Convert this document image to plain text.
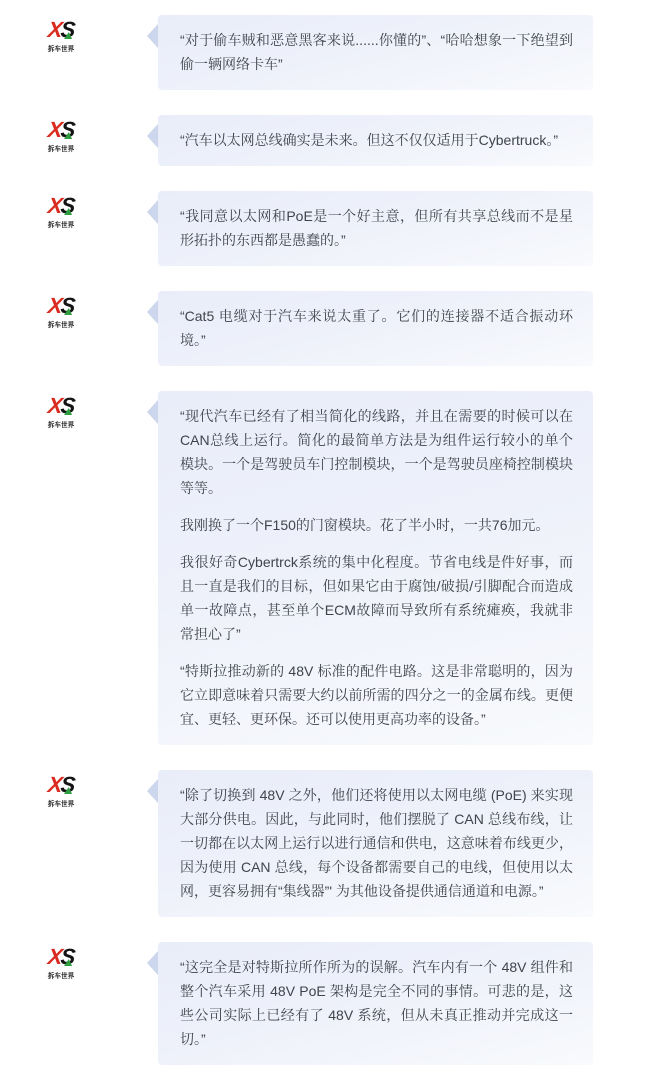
X
S
拆车世界

“对于偷车贼和恶意黑客来说......你懂的”、“哈哈想象一下绝望到偷一辆网络卡车”

X
S
拆车世界

“汽车以太网总线确实是未来。但这不仅仅适用于Cybertruck。”

X
S
拆车世界

“我同意以太网和PoE是一个好主意，但所有共享总线而不是星形拓扑的东西都是愚蠢的。”

X
S
拆车世界

“Cat5 电缆对于汽车来说太重了。它们的连接器不适合振动环境。”

X
S
拆车世界

“现代汽车已经有了相当简化的线路，并且在需要的时候可以在CAN总线上运行。简化的最简单方法是为组件运行较小的单个模块。一个是驾驶员车门控制模块，一个是驾驶员座椅控制模块等等。

我刚换了一个F150的门窗模块。花了半小时，一共76加元。

我很好奇Cybertrck系统的集中化程度。节省电线是件好事，而且一直是我们的目标，但如果它由于腐蚀/破损/引脚配合而造成单一故障点，甚至单个ECM故障而导致所有系统瘫痪，我就非常担心了”

“特斯拉推动新的 48V 标准的配件电路。这是非常聪明的，因为它立即意味着只需要大约以前所需的四分之一的金属布线。更便宜、更轻、更环保。还可以使用更高功率的设备。”

X
S
拆车世界

“除了切换到 48V 之外，他们还将使用以太网电缆 (PoE) 来实现大部分供电。因此，与此同时，他们摆脱了 CAN 总线布线，让一切都在以太网上运行以进行通信和供电，这意味着布线更少，因为使用 CAN 总线，每个设备都需要自己的电线，但使用以太网，更容易拥有“集线器”' 为其他设备提供通信通道和电源。”

X
S
拆车世界

“这完全是对特斯拉所作所为的误解。汽车内有一个 48V 组件和整个汽车采用 48V PoE 架构是完全不同的事情。可悲的是，这些公司实际上已经有了 48V 系统，但从未真正推动并完成这一切。”
